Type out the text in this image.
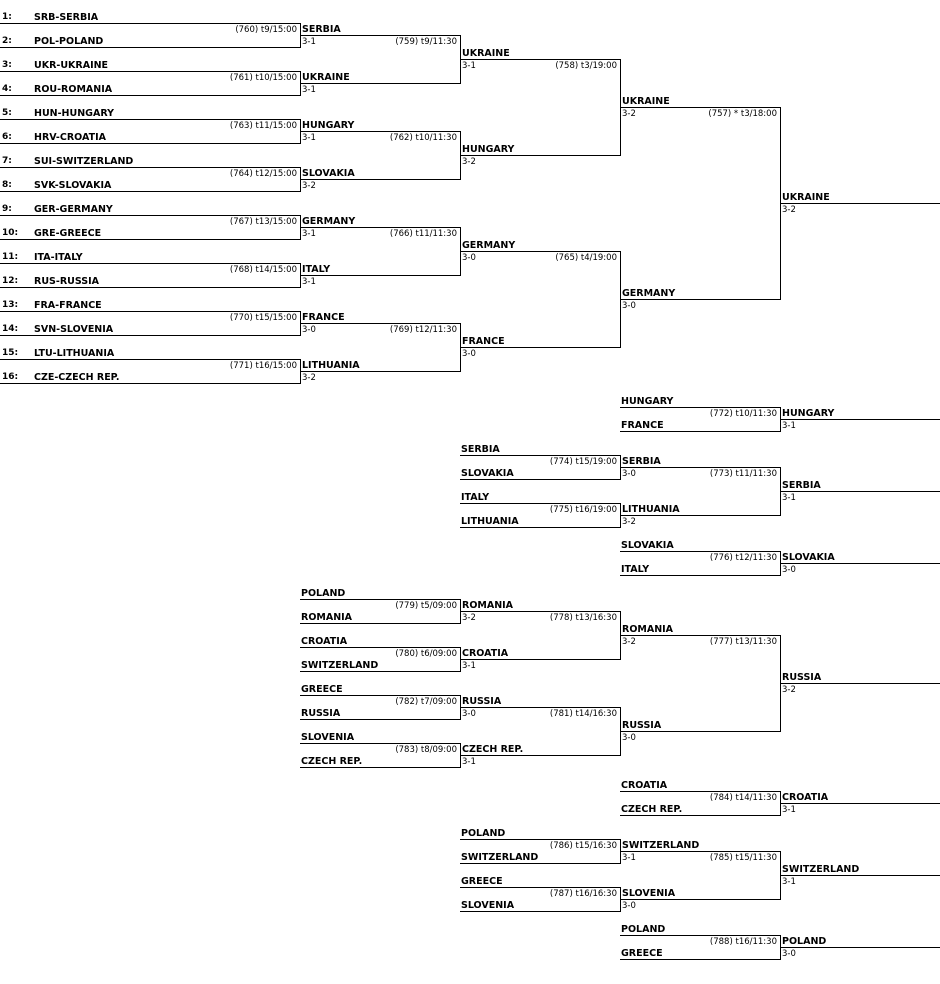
1: SRB-SERBIA
2: POL-POLAND
3: UKR-UKRAINE
4: ROU-ROMANIA
5: HUN-HUNGARY
6: HRV-CROATIA
7: SUI-SWITZERLAND
8: SVK-SLOVAKIA
9: GER-GERMANY
10: GRE-GREECE
11: ITA-ITALY
12: RUS-RUSSIA
13: FRA-FRANCE
14: SVN-SLOVENIA
15: LTU-LITHUANIA
16: CZE-CZECH REP.
(760) t9/15:00 SERBIA
3-1
(761) t10/15:00 UKRAINE
3-1
(763) t11/15:00 HUNGARY
3-1
(764) t12/15:00 SLOVAKIA
3-2
(767) t13/15:00 GERMANY
3-1
(768) t14/15:00 ITALY
3-1
(770) t15/15:00 FRANCE
3-0
(771) t16/15:00 LITHUANIA
3-2
(759) t9/11:30
UKRAINE
3-1
(762) t10/11:30
HUNGARY
3-2
(766) t11/11:30
GERMANY
3-0
(769) t12/11:30
FRANCE
3-0
(758) t3/19:00
UKRAINE
3-2
(765) t4/19:00
GERMANY
3-0
(757) * t3/18:00
UKRAINE
3-2
HUNGARY
FRANCE
(772) t10/11:30 HUNGARY
3-1
SERBIA
SLOVAKIA
(774) t15/19:00 SERBIA
3-0
ITALY
LITHUANIA
(775) t16/19:00 LITHUANIA
3-2
(773) t11/11:30
SERBIA
3-1
SLOVAKIA
ITALY
(776) t12/11:30 SLOVAKIA
3-0
POLAND
ROMANIA
(779) t5/09:00 ROMANIA
3-2
CROATIA
SWITZERLAND
(780) t6/09:00 CROATIA
3-1
GREECE
RUSSIA
(782) t7/09:00 RUSSIA
3-0
SLOVENIA
CZECH REP.
(783) t8/09:00 CZECH REP.
3-1
(778) t13/16:30
ROMANIA
3-2
(781) t14/16:30
RUSSIA
3-0
(777) t13/11:30
RUSSIA
3-2
CROATIA
CZECH REP.
(784) t14/11:30 CROATIA
3-1
POLAND
SWITZERLAND
(786) t15/16:30 SWITZERLAND
3-1
GREECE
SLOVENIA
(787) t16/16:30 SLOVENIA
3-0
(785) t15/11:30
SWITZERLAND
3-1
POLAND
GREECE
(788) t16/11:30 POLAND
3-0
